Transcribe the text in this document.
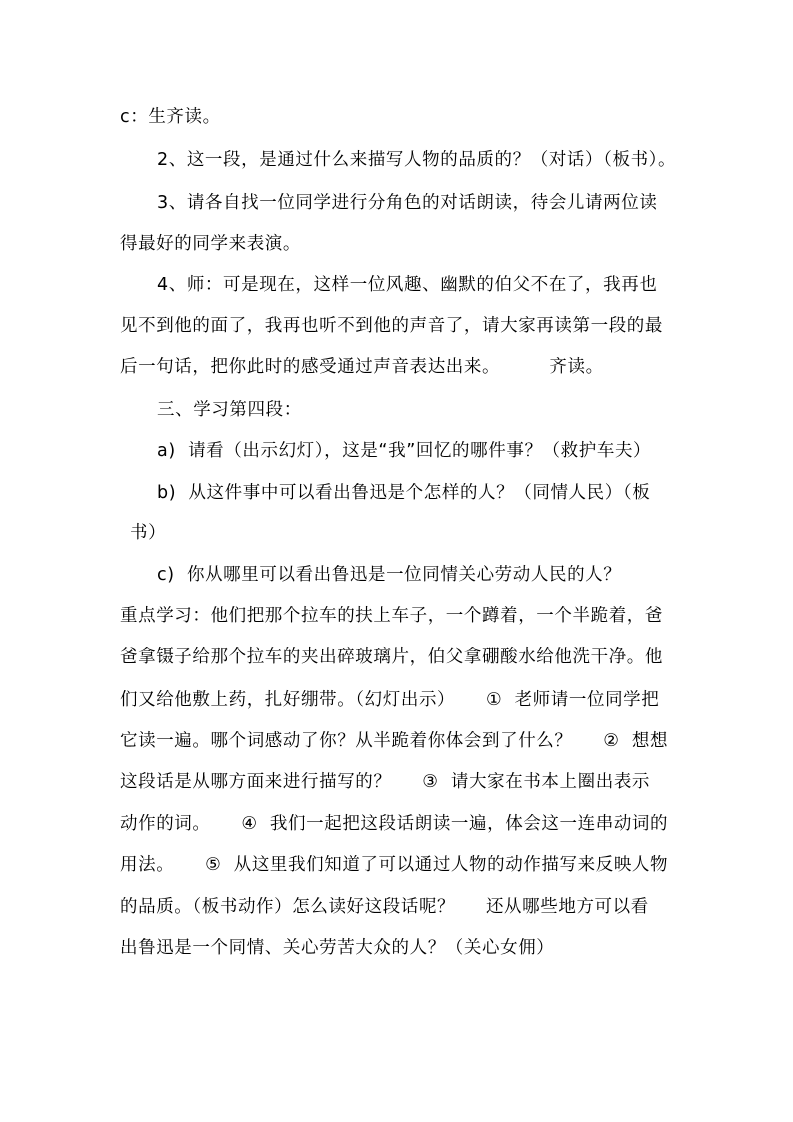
c：生齐读。
2、这一段，是通过什么来描写人物的品质的？（对话）（板书）。
3、请各自找一位同学进行分角色的对话朗读，待会儿请两位读
得最好的同学来表演。
4、师：可是现在，这样一位风趣、幽默的伯父不在了，我再也
见不到他的面了，我再也听不到他的声音了，请大家再读第一段的最
后一句话，把你此时的感受通过声音表达出来。        齐读。
三、学习第四段：
a)  请看（出示幻灯），这是“我”回忆的哪件事？（救护车夫）
b)  从这件事中可以看出鲁迅是个怎样的人？（同情人民）（板
书）
c)  你从哪里可以看出鲁迅是一位同情关心劳动人民的人？
重点学习：他们把那个拉车的扶上车子，一个蹲着，一个半跪着，爸
爸拿镊子给那个拉车的夹出碎玻璃片，伯父拿硼酸水给他洗干净。他
们又给他敷上药，扎好绷带。（幻灯出示）     ①  老师请一位同学把
它读一遍。哪个词感动了你？从半跪着你体会到了什么？     ②  想想
这段话是从哪方面来进行描写的？     ③  请大家在书本上圈出表示
动作的词。     ④  我们一起把这段话朗读一遍，体会这一连串动词的
用法。     ⑤  从这里我们知道了可以通过人物的动作描写来反映人物
的品质。（板书动作）怎么读好这段话呢？     还从哪些地方可以看
出鲁迅是一个同情、关心劳苦大众的人？（关心女佣）
